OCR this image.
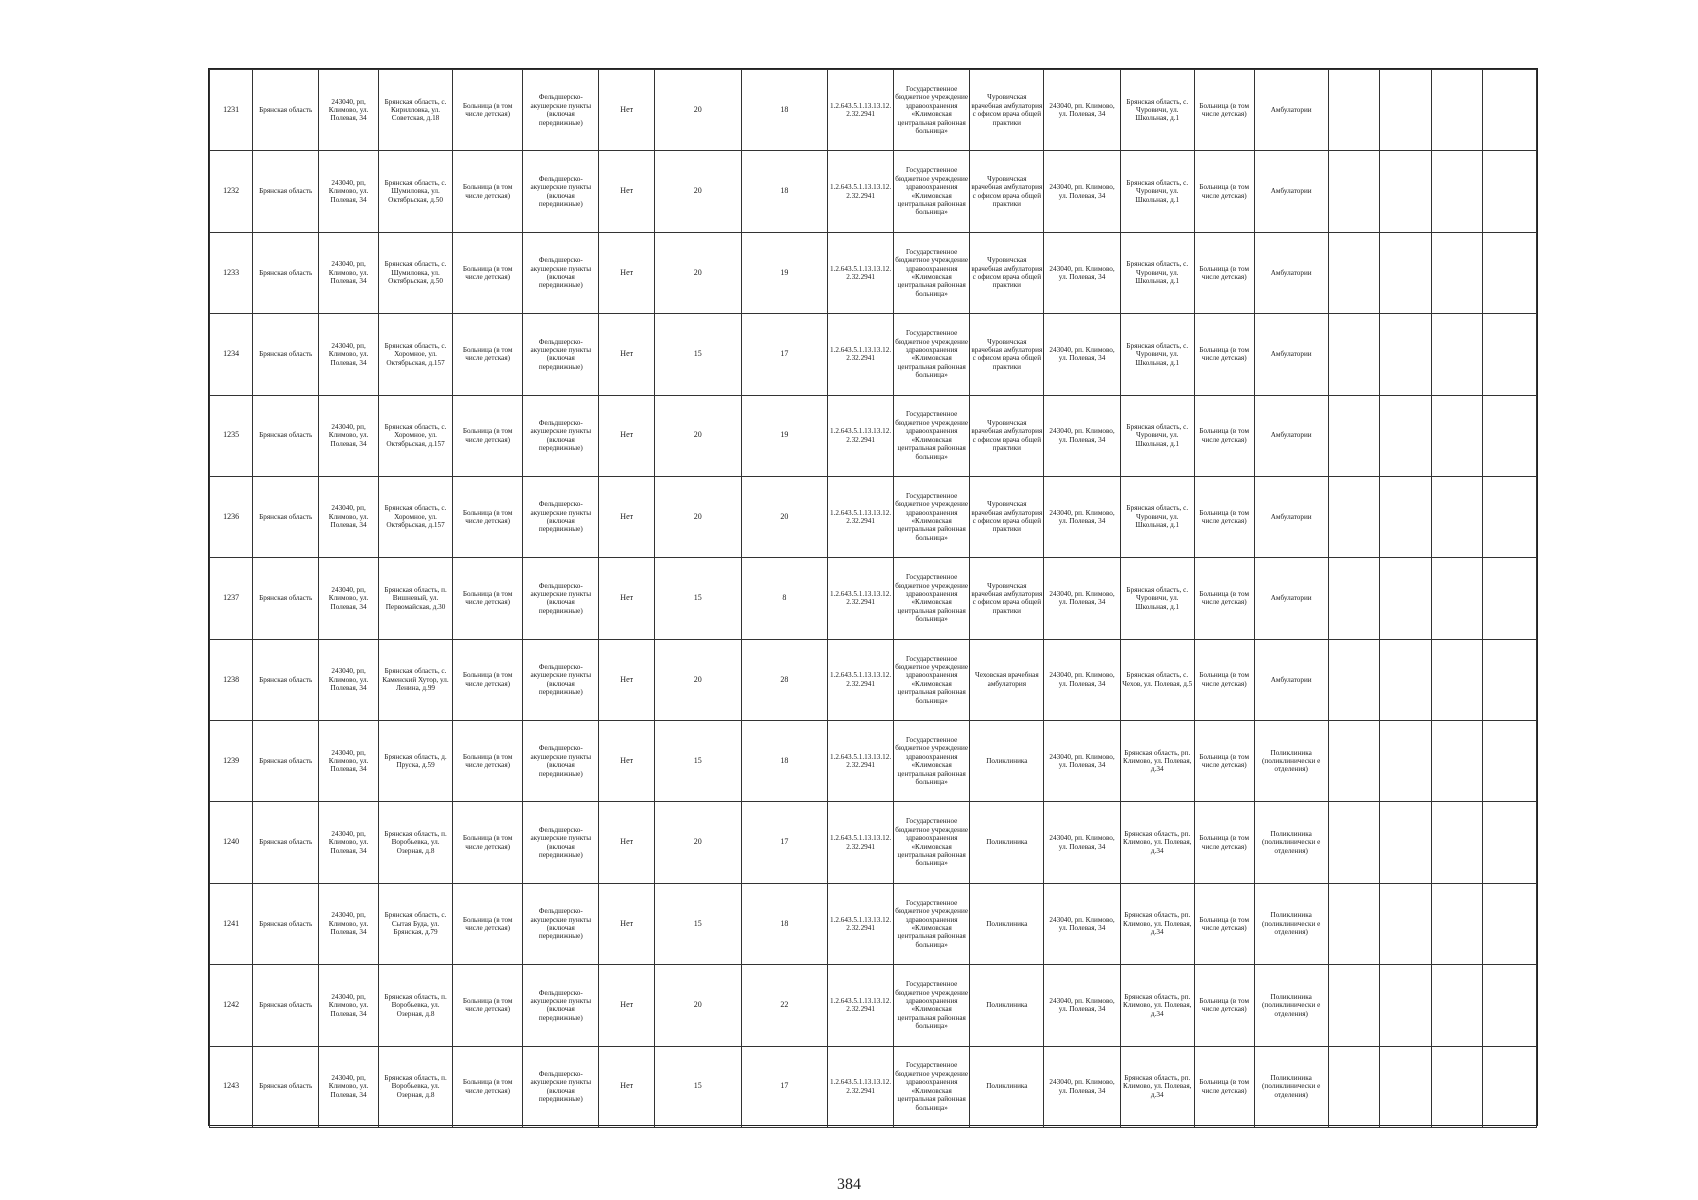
1231	Брянская область	243040, рп, Климово, ул. Полевая, 34	Брянская область, с. Кирилловка, ул. Советская, д.18	Больница (в том числе детская)	Фельдшерско-акушерские пункты (включая передвижные)	Нет	20	18	1.2.643.5.1.13.13.12.2.32.2941	Государственное бюджетное учреждение здравоохранения «Климовская центральная районная больница»	Чуровичская врачебная амбулатория с офисом врача общей практики	243040, рп. Климово, ул. Полевая, 34	Брянская область, с. Чуровичи, ул. Школьная, д.1	Больница (в том числе детская)	Амбулатории				
1232	Брянская область	243040, рп, Климово, ул. Полевая, 34	Брянская область, с. Шумиловка, ул. Октябрьская, д.50	Больница (в том числе детская)	Фельдшерско-акушерские пункты (включая передвижные)	Нет	20	18	1.2.643.5.1.13.13.12.2.32.2941	Государственное бюджетное учреждение здравоохранения «Климовская центральная районная больница»	Чуровичская врачебная амбулатория с офисом врача общей практики	243040, рп. Климово, ул. Полевая, 34	Брянская область, с. Чуровичи, ул. Школьная, д.1	Больница (в том числе детская)	Амбулатории				
1233	Брянская область	243040, рп, Климово, ул. Полевая, 34	Брянская область, с. Шумиловка, ул. Октябрьская, д.50	Больница (в том числе детская)	Фельдшерско-акушерские пункты (включая передвижные)	Нет	20	19	1.2.643.5.1.13.13.12.2.32.2941	Государственное бюджетное учреждение здравоохранения «Климовская центральная районная больница»	Чуровичская врачебная амбулатория с офисом врача общей практики	243040, рп. Климово, ул. Полевая, 34	Брянская область, с. Чуровичи, ул. Школьная, д.1	Больница (в том числе детская)	Амбулатории				
1234	Брянская область	243040, рп, Климово, ул. Полевая, 34	Брянская область, с. Хоромное, ул. Октябрьская, д.157	Больница (в том числе детская)	Фельдшерско-акушерские пункты (включая передвижные)	Нет	15	17	1.2.643.5.1.13.13.12.2.32.2941	Государственное бюджетное учреждение здравоохранения «Климовская центральная районная больница»	Чуровичская врачебная амбулатория с офисом врача общей практики	243040, рп. Климово, ул. Полевая, 34	Брянская область, с. Чуровичи, ул. Школьная, д.1	Больница (в том числе детская)	Амбулатории				
1235	Брянская область	243040, рп, Климово, ул. Полевая, 34	Брянская область, с. Хоромное, ул. Октябрьская, д.157	Больница (в том числе детская)	Фельдшерско-акушерские пункты (включая передвижные)	Нет	20	19	1.2.643.5.1.13.13.12.2.32.2941	Государственное бюджетное учреждение здравоохранения «Климовская центральная районная больница»	Чуровичская врачебная амбулатория с офисом врача общей практики	243040, рп. Климово, ул. Полевая, 34	Брянская область, с. Чуровичи, ул. Школьная, д.1	Больница (в том числе детская)	Амбулатории				
1236	Брянская область	243040, рп, Климово, ул. Полевая, 34	Брянская область, с. Хоромное, ул. Октябрьская, д.157	Больница (в том числе детская)	Фельдшерско-акушерские пункты (включая передвижные)	Нет	20	20	1.2.643.5.1.13.13.12.2.32.2941	Государственное бюджетное учреждение здравоохранения «Климовская центральная районная больница»	Чуровичская врачебная амбулатория с офисом врача общей практики	243040, рп. Климово, ул. Полевая, 34	Брянская область, с. Чуровичи, ул. Школьная, д.1	Больница (в том числе детская)	Амбулатории				
1237	Брянская область	243040, рп, Климово, ул. Полевая, 34	Брянская область, п. Вишневый, ул. Первомайская, д.30	Больница (в том числе детская)	Фельдшерско-акушерские пункты (включая передвижные)	Нет	15	8	1.2.643.5.1.13.13.12.2.32.2941	Государственное бюджетное учреждение здравоохранения «Климовская центральная районная больница»	Чуровичская врачебная амбулатория с офисом врача общей практики	243040, рп. Климово, ул. Полевая, 34	Брянская область, с. Чуровичи, ул. Школьная, д.1	Больница (в том числе детская)	Амбулатории				
1238	Брянская область	243040, рп, Климово, ул. Полевая, 34	Брянская область, с. Каменский Хутор, ул. Ленина, д.99	Больница (в том числе детская)	Фельдшерско-акушерские пункты (включая передвижные)	Нет	20	28	1.2.643.5.1.13.13.12.2.32.2941	Государственное бюджетное учреждение здравоохранения «Климовская центральная районная больница»	Чеховская врачебная амбулатория	243040, рп. Климово, ул. Полевая, 34	Брянская область, с. Чехов, ул. Полевая, д.5	Больница (в том числе детская)	Амбулатории				
1239	Брянская область	243040, рп, Климово, ул. Полевая, 34	Брянская область, д. Пруска, д.59	Больница (в том числе детская)	Фельдшерско-акушерские пункты (включая передвижные)	Нет	15	18	1.2.643.5.1.13.13.12.2.32.2941	Государственное бюджетное учреждение здравоохранения «Климовская центральная районная больница»	Поликлиника	243040, рп. Климово, ул. Полевая, 34	Брянская область, рп. Климово, ул. Полевая, д.34	Больница (в том числе детская)	Поликлиника (поликлинически е отделения)				
1240	Брянская область	243040, рп, Климово, ул. Полевая, 34	Брянская область, п. Воробьевка, ул. Озерная, д.8	Больница (в том числе детская)	Фельдшерско-акушерские пункты (включая передвижные)	Нет	20	17	1.2.643.5.1.13.13.12.2.32.2941	Государственное бюджетное учреждение здравоохранения «Климовская центральная районная больница»	Поликлиника	243040, рп. Климово, ул. Полевая, 34	Брянская область, рп. Климово, ул. Полевая, д.34	Больница (в том числе детская)	Поликлиника (поликлинически е отделения)				
1241	Брянская область	243040, рп, Климово, ул. Полевая, 34	Брянская область, с. Сытая Буда, ул. Брянская, д.79	Больница (в том числе детская)	Фельдшерско-акушерские пункты (включая передвижные)	Нет	15	18	1.2.643.5.1.13.13.12.2.32.2941	Государственное бюджетное учреждение здравоохранения «Климовская центральная районная больница»	Поликлиника	243040, рп. Климово, ул. Полевая, 34	Брянская область, рп. Климово, ул. Полевая, д.34	Больница (в том числе детская)	Поликлиника (поликлинически е отделения)				
1242	Брянская область	243040, рп, Климово, ул. Полевая, 34	Брянская область, п. Воробьевка, ул. Озерная, д.8	Больница (в том числе детская)	Фельдшерско-акушерские пункты (включая передвижные)	Нет	20	22	1.2.643.5.1.13.13.12.2.32.2941	Государственное бюджетное учреждение здравоохранения «Климовская центральная районная больница»	Поликлиника	243040, рп. Климово, ул. Полевая, 34	Брянская область, рп. Климово, ул. Полевая, д.34	Больница (в том числе детская)	Поликлиника (поликлинически е отделения)				
1243	Брянская область	243040, рп, Климово, ул. Полевая, 34	Брянская область, п. Воробьевка, ул. Озерная, д.8	Больница (в том числе детская)	Фельдшерско-акушерские пункты (включая передвижные)	Нет	15	17	1.2.643.5.1.13.13.12.2.32.2941	Государственное бюджетное учреждение здравоохранения «Климовская центральная районная больница»	Поликлиника	243040, рп. Климово, ул. Полевая, 34	Брянская область, рп. Климово, ул. Полевая, д.34	Больница (в том числе детская)	Поликлиника (поликлинически е отделения)				
384
